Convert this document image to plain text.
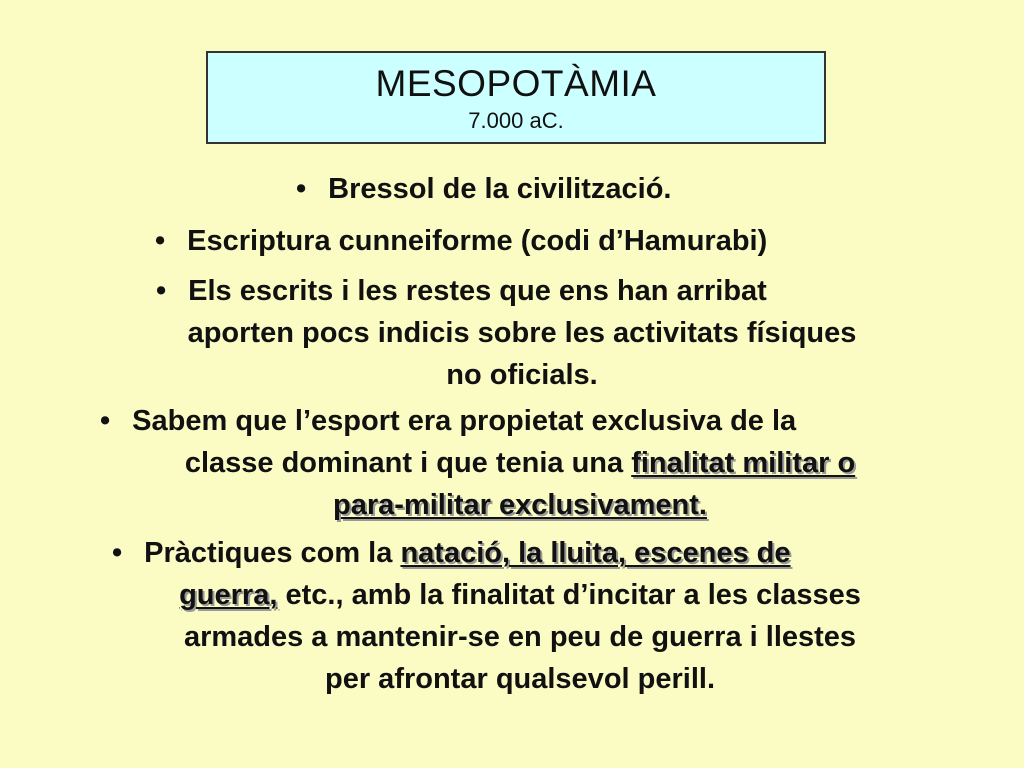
MESOPOTÀMIA
7.000 aC.
• Bressol de la civilització.
• Escriptura cunneiforme (codi d’Hamurabi)
• Els escrits i les restes que ens han arribat
aporten pocs indicis sobre les activitats físiques
no oficials.
• Sabem que l’esport era propietat exclusiva de la
classe dominant i que tenia una finalitat militar o
para-militar exclusivament.
• Pràctiques com la natació, la lluita, escenes de
guerra, etc., amb la finalitat d’incitar a les classes
armades a mantenir-se en peu de guerra i llestes
per afrontar qualsevol perill.
